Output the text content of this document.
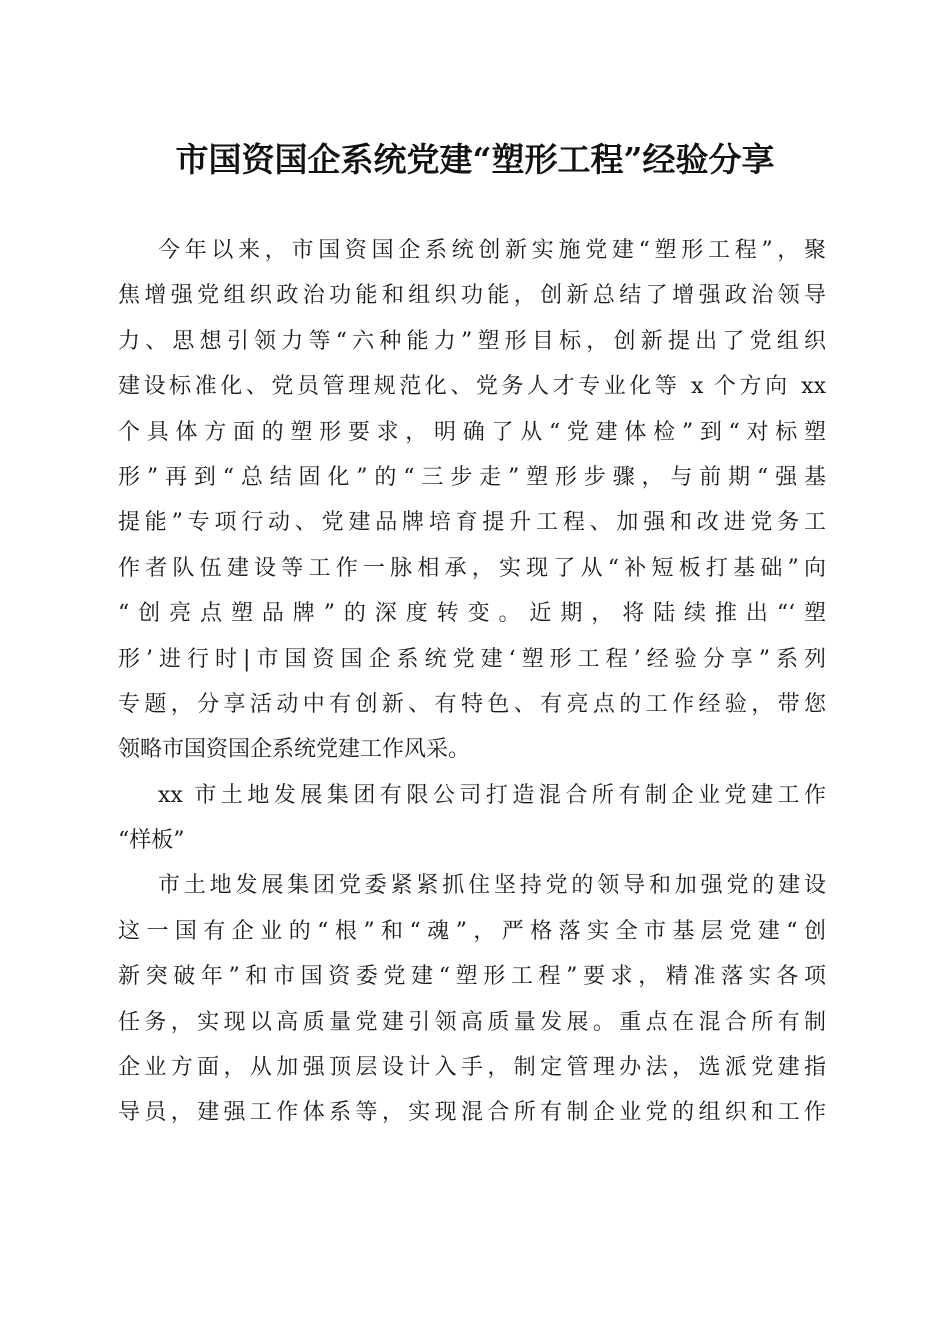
市国资国企系统党建“塑形工程”经验分享
今年以来，市国资国企系统创新实施党建“塑形工程”，聚
焦增强党组织政治功能和组织功能，创新总结了增强政治领导
力、思想引领力等“六种能力”塑形目标，创新提出了党组织
建设标准化、党员管理规范化、党务人才专业化等 x 个方向 xx
个具体方面的塑形要求，明确了从“党建体检”到“对标塑
形”再到“总结固化”的“三步走”塑形步骤，与前期“强基
提能”专项行动、党建品牌培育提升工程、加强和改进党务工
作者队伍建设等工作一脉相承，实现了从“补短板打基础”向
“创亮点塑品牌”的深度转变。近期，将陆续推出“‘塑
形’进行时|市国资国企系统党建‘塑形工程’经验分享”系列
专题，分享活动中有创新、有特色、有亮点的工作经验，带您
领略市国资国企系统党建工作风采。
xx 市土地发展集团有限公司打造混合所有制企业党建工作
“样板”
市土地发展集团党委紧紧抓住坚持党的领导和加强党的建设
这一国有企业的“根”和“魂”，严格落实全市基层党建“创
新突破年”和市国资委党建“塑形工程”要求，精准落实各项
任务，实现以高质量党建引领高质量发展。重点在混合所有制
企业方面，从加强顶层设计入手，制定管理办法，选派党建指
导员，建强工作体系等，实现混合所有制企业党的组织和工作
